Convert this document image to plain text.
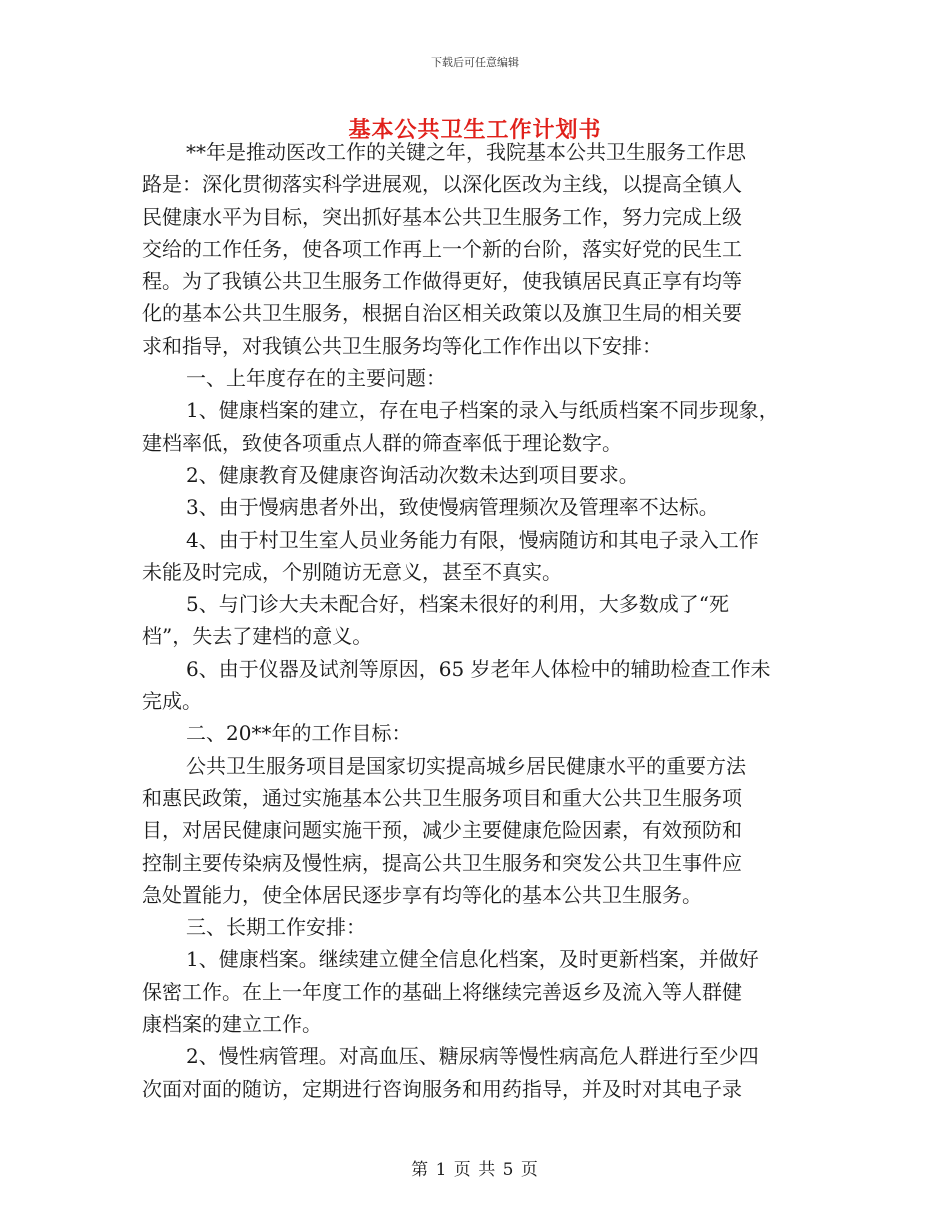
下载后可任意编辑
基本公共卫生工作计划书
**年是推动医改工作的关键之年，我院基本公共卫生服务工作思
路是：深化贯彻落实科学进展观，以深化医改为主线，以提高全镇人
民健康水平为目标，突出抓好基本公共卫生服务工作，努力完成上级
交给的工作任务，使各项工作再上一个新的台阶，落实好党的民生工
程。为了我镇公共卫生服务工作做得更好，使我镇居民真正享有均等
化的基本公共卫生服务，根据自治区相关政策以及旗卫生局的相关要
求和指导，对我镇公共卫生服务均等化工作作出以下安排：
一、上年度存在的主要问题：
1、健康档案的建立，存在电子档案的录入与纸质档案不同步现象，
建档率低，致使各项重点人群的筛查率低于理论数字。
2、健康教育及健康咨询活动次数未达到项目要求。
3、由于慢病患者外出，致使慢病管理频次及管理率不达标。
4、由于村卫生室人员业务能力有限，慢病随访和其电子录入工作
未能及时完成，个别随访无意义，甚至不真实。
5、与门诊大夫未配合好，档案未很好的利用，大多数成了“死
档”，失去了建档的意义。
6、由于仪器及试剂等原因，65 岁老年人体检中的辅助检查工作未
完成。
二、20**年的工作目标：
公共卫生服务项目是国家切实提高城乡居民健康水平的重要方法
和惠民政策，通过实施基本公共卫生服务项目和重大公共卫生服务项
目，对居民健康问题实施干预，减少主要健康危险因素，有效预防和
控制主要传染病及慢性病，提高公共卫生服务和突发公共卫生事件应
急处置能力，使全体居民逐步享有均等化的基本公共卫生服务。
三、长期工作安排：
1、健康档案。继续建立健全信息化档案，及时更新档案，并做好
保密工作。在上一年度工作的基础上将继续完善返乡及流入等人群健
康档案的建立工作。
2、慢性病管理。对高血压、糖尿病等慢性病高危人群进行至少四
次面对面的随访，定期进行咨询服务和用药指导，并及时对其电子录
第 1 页 共 5 页
